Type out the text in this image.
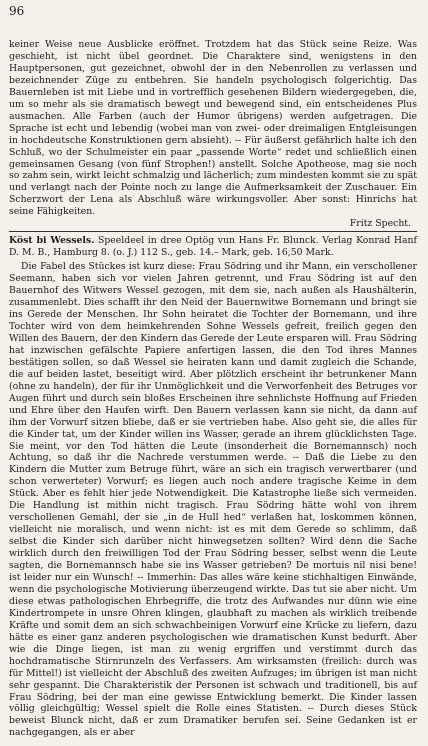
96

keiner Weise neue Ausblicke eröffnet. Trotzdem hat das Stück seine Reize. Was geschieht, ist nicht übel geordnet. Die Charaktere sind, wenigstens in den Hauptpersonen, gut gezeichnet, obwohl der in den Nebenrollen zu verlassen und bezeichnender Züge zu entbehren. Sie handeln psychologisch folgerichtig. Das Bauernleben ist mit Liebe und in vortrefflich gesehenen Bildern wiedergegeben, die, um so mehr als sie dramatisch bewegt und bewegend sind, ein entscheidenes Plus ausmachen. Alle Farben (auch der Humor übrigens) werden aufgetragen. Die Sprache ist echt und lebendig (wobei man von zwei- oder dreimaligen Entgleisungen in hochdeutsche Konstruktionen gern absieht). -- Für äußerst gefährlich halte ich den Schluß, wo der Schulmeister ein paar „passende Worte“ redet und schließlich einen gemeinsamen Gesang (von fünf Strophen!) anstellt. Solche Apotheose, mag sie noch so zahm sein, wirkt leicht schmalzig und lächerlich; zum mindesten kommt sie zu spät und verlangt nach der Pointe noch zu lange die Aufmerksamkeit der Zuschauer. Ein Scherzwort der Lena als Abschluß wäre wirkungsvoller. Aber sonst: Hinrichs hat seine Fähigkeiten.

Fritz Specht.

Köst bi Wessels. Speeldeel in dree Optög vun Hans Fr. Blunck. Verlag Konrad Hanf D. M. B., Hamburg 8. (o. J.) 112 S., geb. 14.– Mark, geb. 16,50 Mark.

Die Fabel des Stückes ist kurz diese: Frau Södring und ihr Mann, ein verschollener Seemann, haben sich vor vielen Jahren getrennt, und Frau Södring ist auf den Bauernhof des Witwers Wessel gezogen, mit dem sie, nach außen als Haushälterin, zusammenlebt. Dies schafft ihr den Neid der Bauernwitwe Bornemann und bringt sie ins Gerede der Menschen. Ihr Sohn heiratet die Tochter der Bornemann, und ihre Tochter wird von dem heimkehrenden Sohne Wessels gefreit, freilich gegen den Willen des Bauern, der den Kindern das Gerede der Leute ersparen will. Frau Södring hat inzwischen gefälschte Papiere anfertigen lassen, die den Tod ihres Mannes bestätigen sollen, so daß Wessel sie heiraten kann und damit zugleich die Schande, die auf beiden lastet, beseitigt wird. Aber plötzlich erscheint ihr betrunkener Mann (ohne zu handeln), der für ihr Unmöglichkeit und die Verworfenheit des Betruges vor Augen führt und durch sein bloßes Erscheinen ihre sehnlichste Hoffnung auf Frieden und Ehre über den Haufen wirft. Den Bauern verlassen kann sie nicht, da dann auf ihm der Vorwurf sitzen bliebe, daß er sie vertrieben habe. Also geht sie, die alles für die Kinder tat, um der Kinder willen ins Wasser, gerade an ihrem glücklichsten Tage. Sie meint, vor den Tod hätten die Leute (insonderheit die Bornemannsch) noch Achtung, so daß ihr die Nachrede verstummen werde. -- Daß die Liebe zu den Kindern die Mutter zum Betruge führt, wäre an sich ein tragisch verwertbarer (und schon verwerteter) Vorwurf; es liegen auch noch andere tragische Keime in dem Stück. Aber es fehlt hier jede Notwendigkeit. Die Katastrophe ließe sich vermeiden. Die Handlung ist mithin nicht tragisch. Frau Södring hätte wohl von ihrem verschollenen Gemahl, der sie „in de Hull hed“ verlaßen hat, loskommen können, vielleicht nie moralisch, und wenn nicht: ist es mit dem Gerede so schlimm, daß selbst die Kinder sich darüber nicht hinwegsetzen sollten? Wird denn die Sache wirklich durch den freiwilligen Tod der Frau Södring besser, selbst wenn die Leute sagten, die Bornemannsch habe sie ins Wasser getrieben? De mortuis nil nisi bene! ist leider nur ein Wunsch! -- Immerhin: Das alles wäre keine stichhaltigen Einwände, wenn die psychologische Motivierung überzeugend wirkte. Das tut sie aber nicht. Um diese etwas pathologischen Ehrbegriffe, die trotz des Aufwandes nur dünn wie eine Kindertrompete in unsre Ohren klingen, glaubhaft zu machen als wirklich treibende Kräfte und somit dem an sich schwachbeinigen Vorwurf eine Krücke zu liefern, dazu hätte es einer ganz anderen psychologischen wie dramatischen Kunst bedurft. Aber wie die Dinge liegen, ist man zu wenig ergriffen und verstimmt durch das hochdramatische Stirnrunzeln des Verfassers. Am wirksamsten (freilich: durch was für Mittel!) ist vielleicht der Abschluß des zweiten Aufzuges; im übrigen ist man nicht sehr gespannt. Die Charakteristik der Personen ist schwach und traditionell, bis auf Frau Södring, bei der man eine gewisse Entwicklung bemerkt. Die Kinder lassen völlig gleichgültig; Wessel spielt die Rolle eines Statisten. -- Durch dieses Stück beweist Blunck nicht, daß er zum Dramatiker berufen sei. Seine Gedanken ist er nachgegangen, als er aber
